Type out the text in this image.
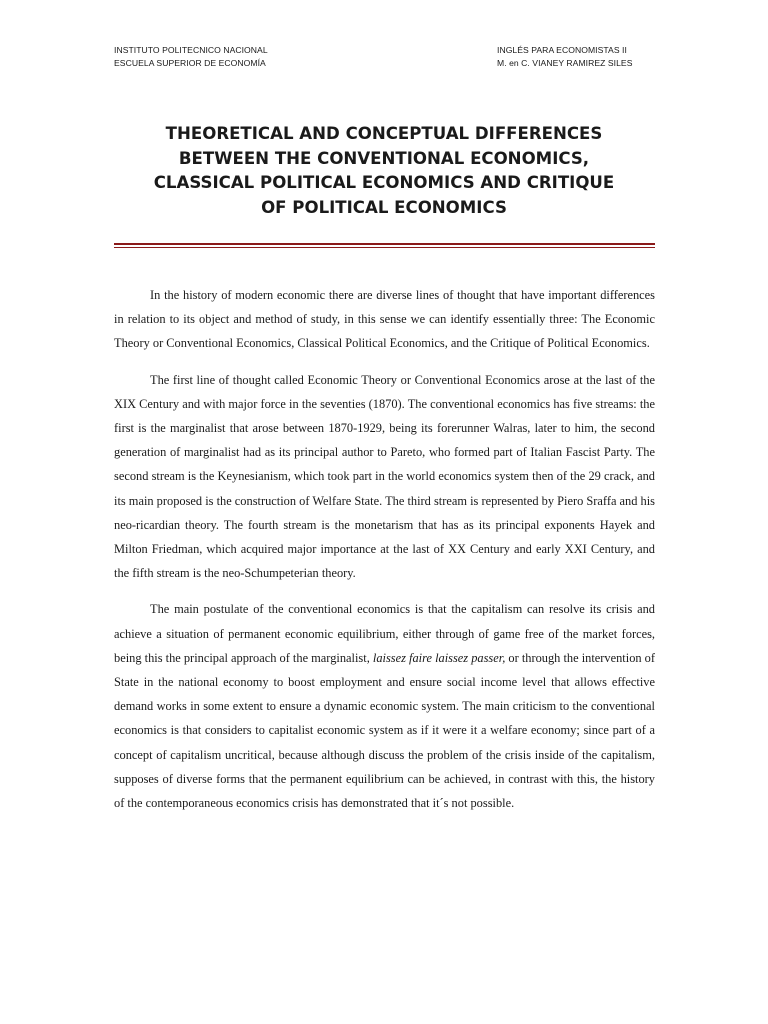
INSTITUTO POLITECNICO NACIONAL
ESCUELA SUPERIOR DE ECONOMÍA
INGLÉS PARA ECONOMISTAS II
M. en C. VIANEY RAMIREZ SILES
THEORETICAL AND CONCEPTUAL DIFFERENCES
BETWEEN THE CONVENTIONAL ECONOMICS,
CLASSICAL POLITICAL ECONOMICS AND CRITIQUE
OF POLITICAL ECONOMICS

In the history of modern economic there are diverse lines of thought that have important differences in relation to its object and method of study, in this sense we can identify essentially three: The Economic Theory or Conventional Economics, Classical Political Economics, and the Critique of Political Economics.

The first line of thought called Economic Theory or Conventional Economics arose at the last of the XIX Century and with major force in the seventies (1870). The conventional economics has five streams: the first is the marginalist that arose between 1870-1929, being its forerunner Walras, later to him, the second generation of marginalist had as its principal author to Pareto, who formed part of Italian Fascist Party. The second stream is the Keynesianism, which took part in the world economics system then of the 29 crack, and its main proposed is the construction of Welfare State. The third stream is represented by Piero Sraffa and his neo-ricardian theory. The fourth stream is the monetarism that has as its principal exponents Hayek and Milton Friedman, which acquired major importance at the last of XX Century and early XXI Century, and the fifth stream is the neo-Schumpeterian theory.

The main postulate of the conventional economics is that the capitalism can resolve its crisis and achieve a situation of permanent economic equilibrium, either through of game free of the market forces, being this the principal approach of the marginalist, laissez faire laissez passer, or through the intervention of State in the national economy to boost employment and ensure social income level that allows effective demand works in some extent to ensure a dynamic economic system. The main criticism to the conventional economics is that considers to capitalist economic system as if it were it a welfare economy; since part of a concept of capitalism uncritical, because although discuss the problem of the crisis inside of the capitalism, supposes of diverse forms that the permanent equilibrium can be achieved, in contrast with this, the history of the contemporaneous economics crisis has demonstrated that it´s not possible.
